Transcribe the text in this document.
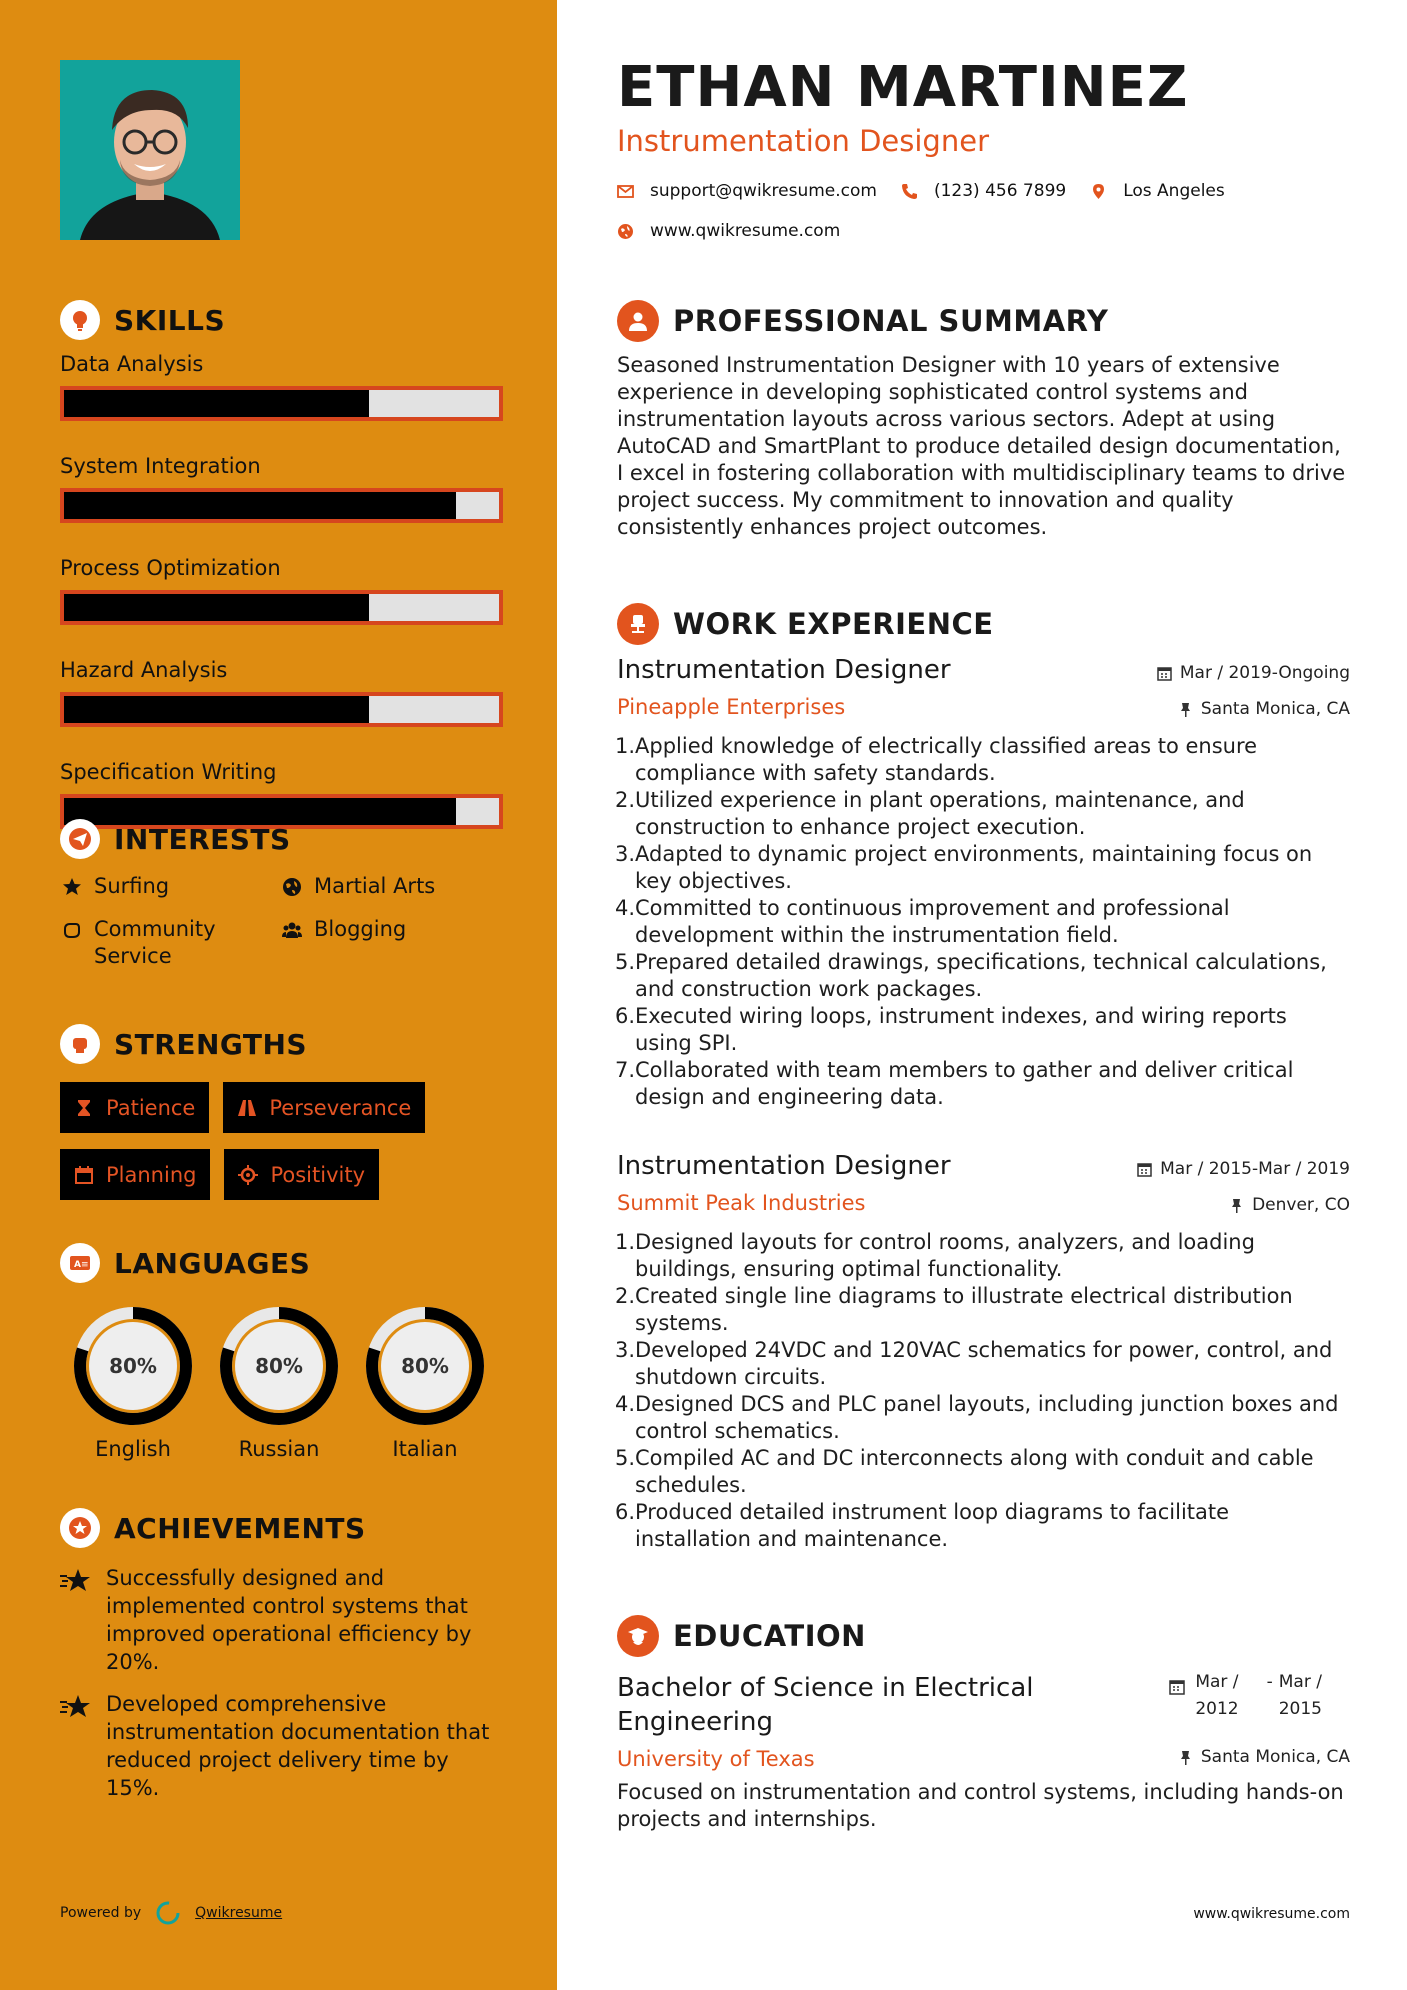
SKILLS
Data Analysis
System Integration
Process Optimization
Hazard Analysis
Specification Writing
INTERESTS
Surfing	Martial Arts
Community Service
Blogging
STRENGTHS
Patience	Perseverance
Planning	Positivity
A ≡ LANGUAGES
80%
English
80%
Russian
80%
Italian
ACHIEVEMENTS

Successfully designed and implemented control systems that improved operational efficiency by 20%.

Developed comprehensive instrumentation documentation that reduced project delivery time by 15%.

Powered by	Qwikresume
ETHAN MARTINEZ
Instrumentation Designer
support@qwikresume.com	(123) 456 7899	Los Angeles
www.qwikresume.com
PROFESSIONAL SUMMARY

Seasoned Instrumentation Designer with 10 years of extensive experience in developing sophisticated control systems and instrumentation layouts across various sectors. Adept at using AutoCAD and SmartPlant to produce detailed design documentation, I excel in fostering collaboration with multidisciplinary teams to drive project success. My commitment to innovation and quality consistently enhances project outcomes.

WORK EXPERIENCE
Mar / 2019-Ongoing
Santa Monica, CA
Instrumentation Designer
Pineapple Enterprises
Applied knowledge of electrically classified areas to ensure compliance with safety standards.
Utilized experience in plant operations, maintenance, and construction to enhance project execution.
Adapted to dynamic project environments, maintaining focus on key objectives.
Committed to continuous improvement and professional development within the instrumentation field.
Prepared detailed drawings, specifications, technical calculations, and construction work packages.
Executed wiring loops, instrument indexes, and wiring reports using SPI.
Collaborated with team members to gather and deliver critical design and engineering data.
Mar / 2015-Mar / 2019
Denver, CO
Instrumentation Designer
Summit Peak Industries
Designed layouts for control rooms, analyzers, and loading buildings, ensuring optimal functionality.
Created single line diagrams to illustrate electrical distribution systems.
Developed 24VDC and 120VAC schematics for power, control, and shutdown circuits.
Designed DCS and PLC panel layouts, including junction boxes and control schematics.
Compiled AC and DC interconnects along with conduit and cable schedules.
Produced detailed instrument loop diagrams to facilitate installation and maintenance.
EDUCATION
Mar /
2012
- Mar /
2015
Bachelor of Science in Electrical Engineering
Santa Monica, CA
University of Texas

Focused on instrumentation and control systems, including hands-on projects and internships.

www.qwikresume.com
